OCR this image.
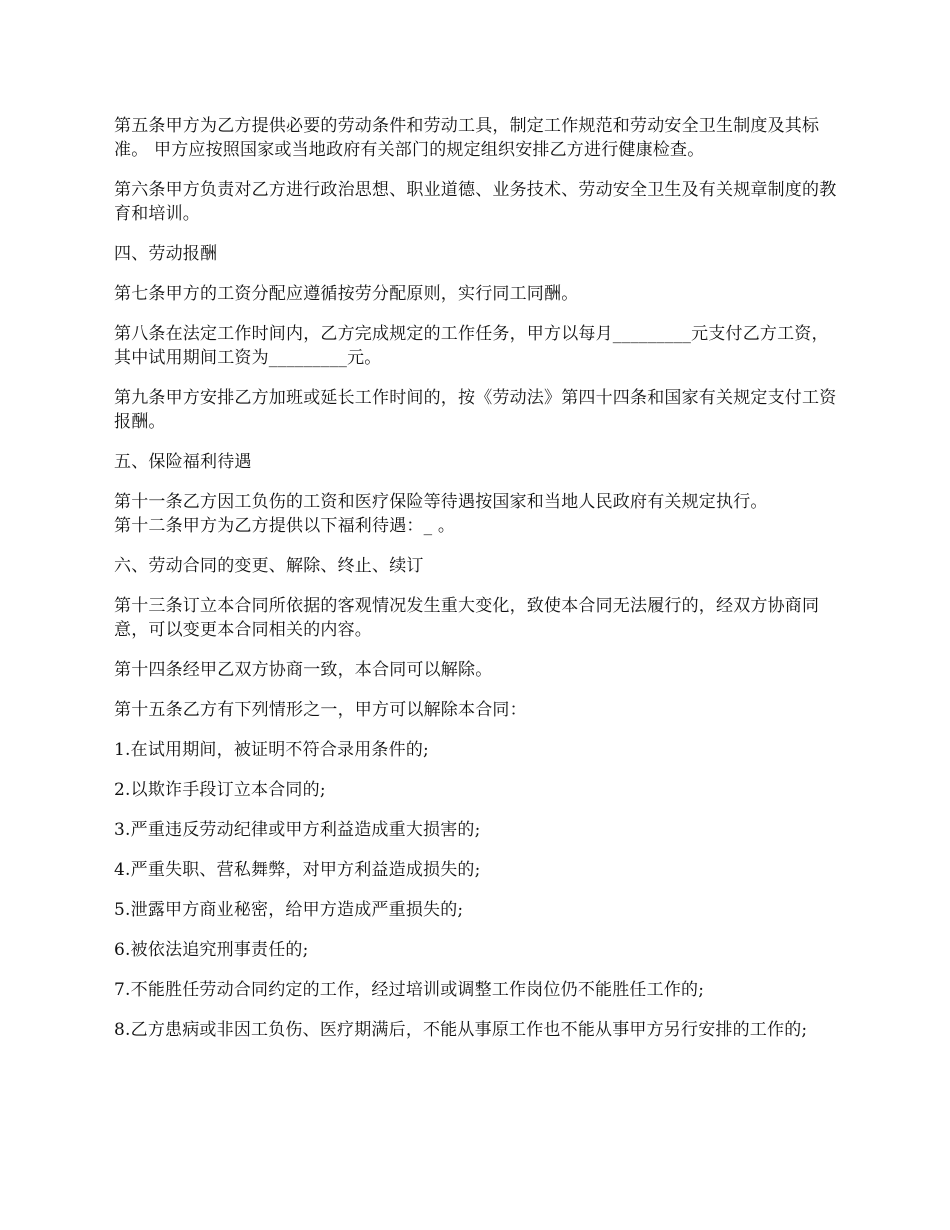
第五条甲方为乙方提供必要的劳动条件和劳动工具，制定工作规范和劳动安全卫生制度及其标准。 甲方应按照国家或当地政府有关部门的规定组织安排乙方进行健康检查。

第六条甲方负责对乙方进行政治思想、职业道德、业务技术、劳动安全卫生及有关规章制度的教育和培训。

四、劳动报酬

第七条甲方的工资分配应遵循按劳分配原则，实行同工同酬。

第八条在法定工作时间内，乙方完成规定的工作任务，甲方以每月_________元支付乙方工资，其中试用期间工资为_________元。

第九条甲方安排乙方加班或延长工作时间的，按《劳动法》第四十四条和国家有关规定支付工资报酬。

五、保险福利待遇

第十一条乙方因工负伤的工资和医疗保险等待遇按国家和当地人民政府有关规定执行。
第十二条甲方为乙方提供以下福利待遇：_ 。

六、劳动合同的变更、解除、终止、续订

第十三条订立本合同所依据的客观情况发生重大变化，致使本合同无法履行的，经双方协商同意，可以变更本合同相关的内容。

第十四条经甲乙双方协商一致，本合同可以解除。

第十五条乙方有下列情形之一，甲方可以解除本合同：

1.在试用期间，被证明不符合录用条件的;

2.以欺诈手段订立本合同的;

3.严重违反劳动纪律或甲方利益造成重大损害的;

4.严重失职、营私舞弊，对甲方利益造成损失的;

5.泄露甲方商业秘密，给甲方造成严重损失的;

6.被依法追究刑事责任的;

7.不能胜任劳动合同约定的工作，经过培训或调整工作岗位仍不能胜任工作的;

8.乙方患病或非因工负伤、医疗期满后，不能从事原工作也不能从事甲方另行安排的工作的;
